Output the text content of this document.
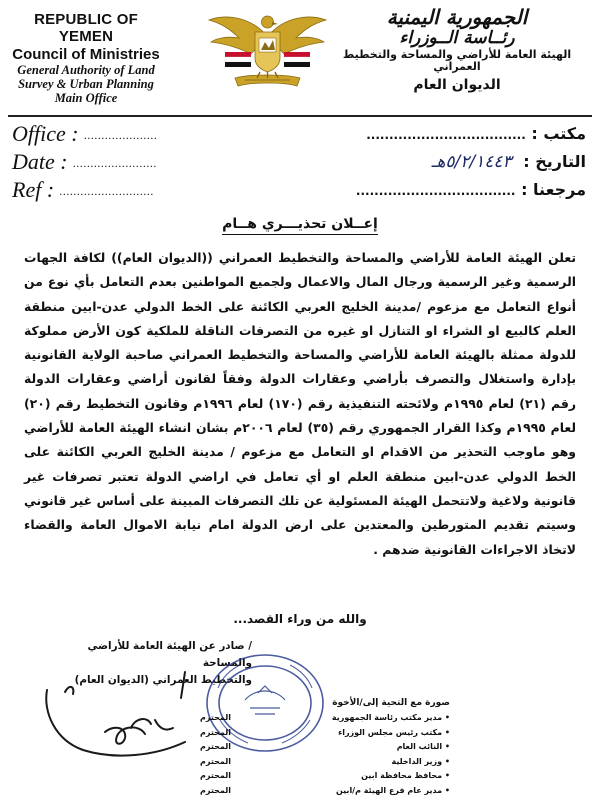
REPUBLIC OF YEMEN
Council of Ministries
General Authority of Land
Survey & Urban Planning
Main Office
الجمهورية اليمنية
رئــاسة الــوزراء
الهيئة العامة للأراضي والمساحة والتخطيط العمراني
الديوان العام
Office : .....................
Date : ........................
Ref : ...........................
مكتب : ...................................
التاريخ : ٥/٢/١٤٤٣هـ
مرجعنا : ...................................
إعــلان تحذيـــري هــام
تعلن الهيئة العامة للأراضي والمساحة والتخطيط العمراني ((الديوان العام)) لكافة الجهات الرسمية وغير الرسمية ورجال المال والاعمال ولجميع المواطنين بعدم التعامل بأي نوع من أنواع التعامل مع مزعوم /مدينة الخليج العربي الكائنة على الخط الدولي عدن-ابين منطقة العلم كالبيع او الشراء او التنازل او غيره من التصرفات الناقلة للملكية كون الأرض مملوكة للدولة ممثلة بالهيئة العامة للأراضي والمساحة والتخطيط العمراني صاحبة الولاية القانونية بإدارة واستغلال والتصرف بأراضي وعقارات الدولة وفقاً لقانون أراضي وعقارات الدولة رقم (٢١) لعام ١٩٩٥م ولائحته التنفيذية رقم (١٧٠) لعام ١٩٩٦م وقانون التخطيط رقم (٢٠) لعام ١٩٩٥م وكذا القرار الجمهوري رقم (٣٥) لعام ٢٠٠٦م بشان انشاء الهيئة العامة للأراضي وهو ماوجب التحذير من الاقدام او التعامل مع مزعوم / مدينة الخليج العربي الكائنة على الخط الدولي عدن-ابين منطقة العلم او أي تعامل في اراضي الدولة تعتبر تصرفات غير قانونية ولاغية ولاتتحمل الهيئة المسئولية عن تلك التصرفات المبينة على أساس غير قانوني وسيتم تقديم المتورطين والمعتدين على ارض الدولة امام نيابة الاموال العامة والقضاء لاتخاذ الاجراءات القانونية ضدهم .
والله من وراء القصد...
/ صادر عن الهيئة العامة للأراضي والمساحة
والتخطيط العمراني (الديوان العام)
صورة مع التحية إلى/الأخوة
• مدير مكتب رئاسة الجمهورية
المحترم
• مكتب رئيس مجلس الوزراء
المحترم
• النائب العام
المحترم
• وزير الداخلية
المحترم
• محافظ محافظة ابين
المحترم
• مدير عام فرع الهيئة م/ابين
المحترم
